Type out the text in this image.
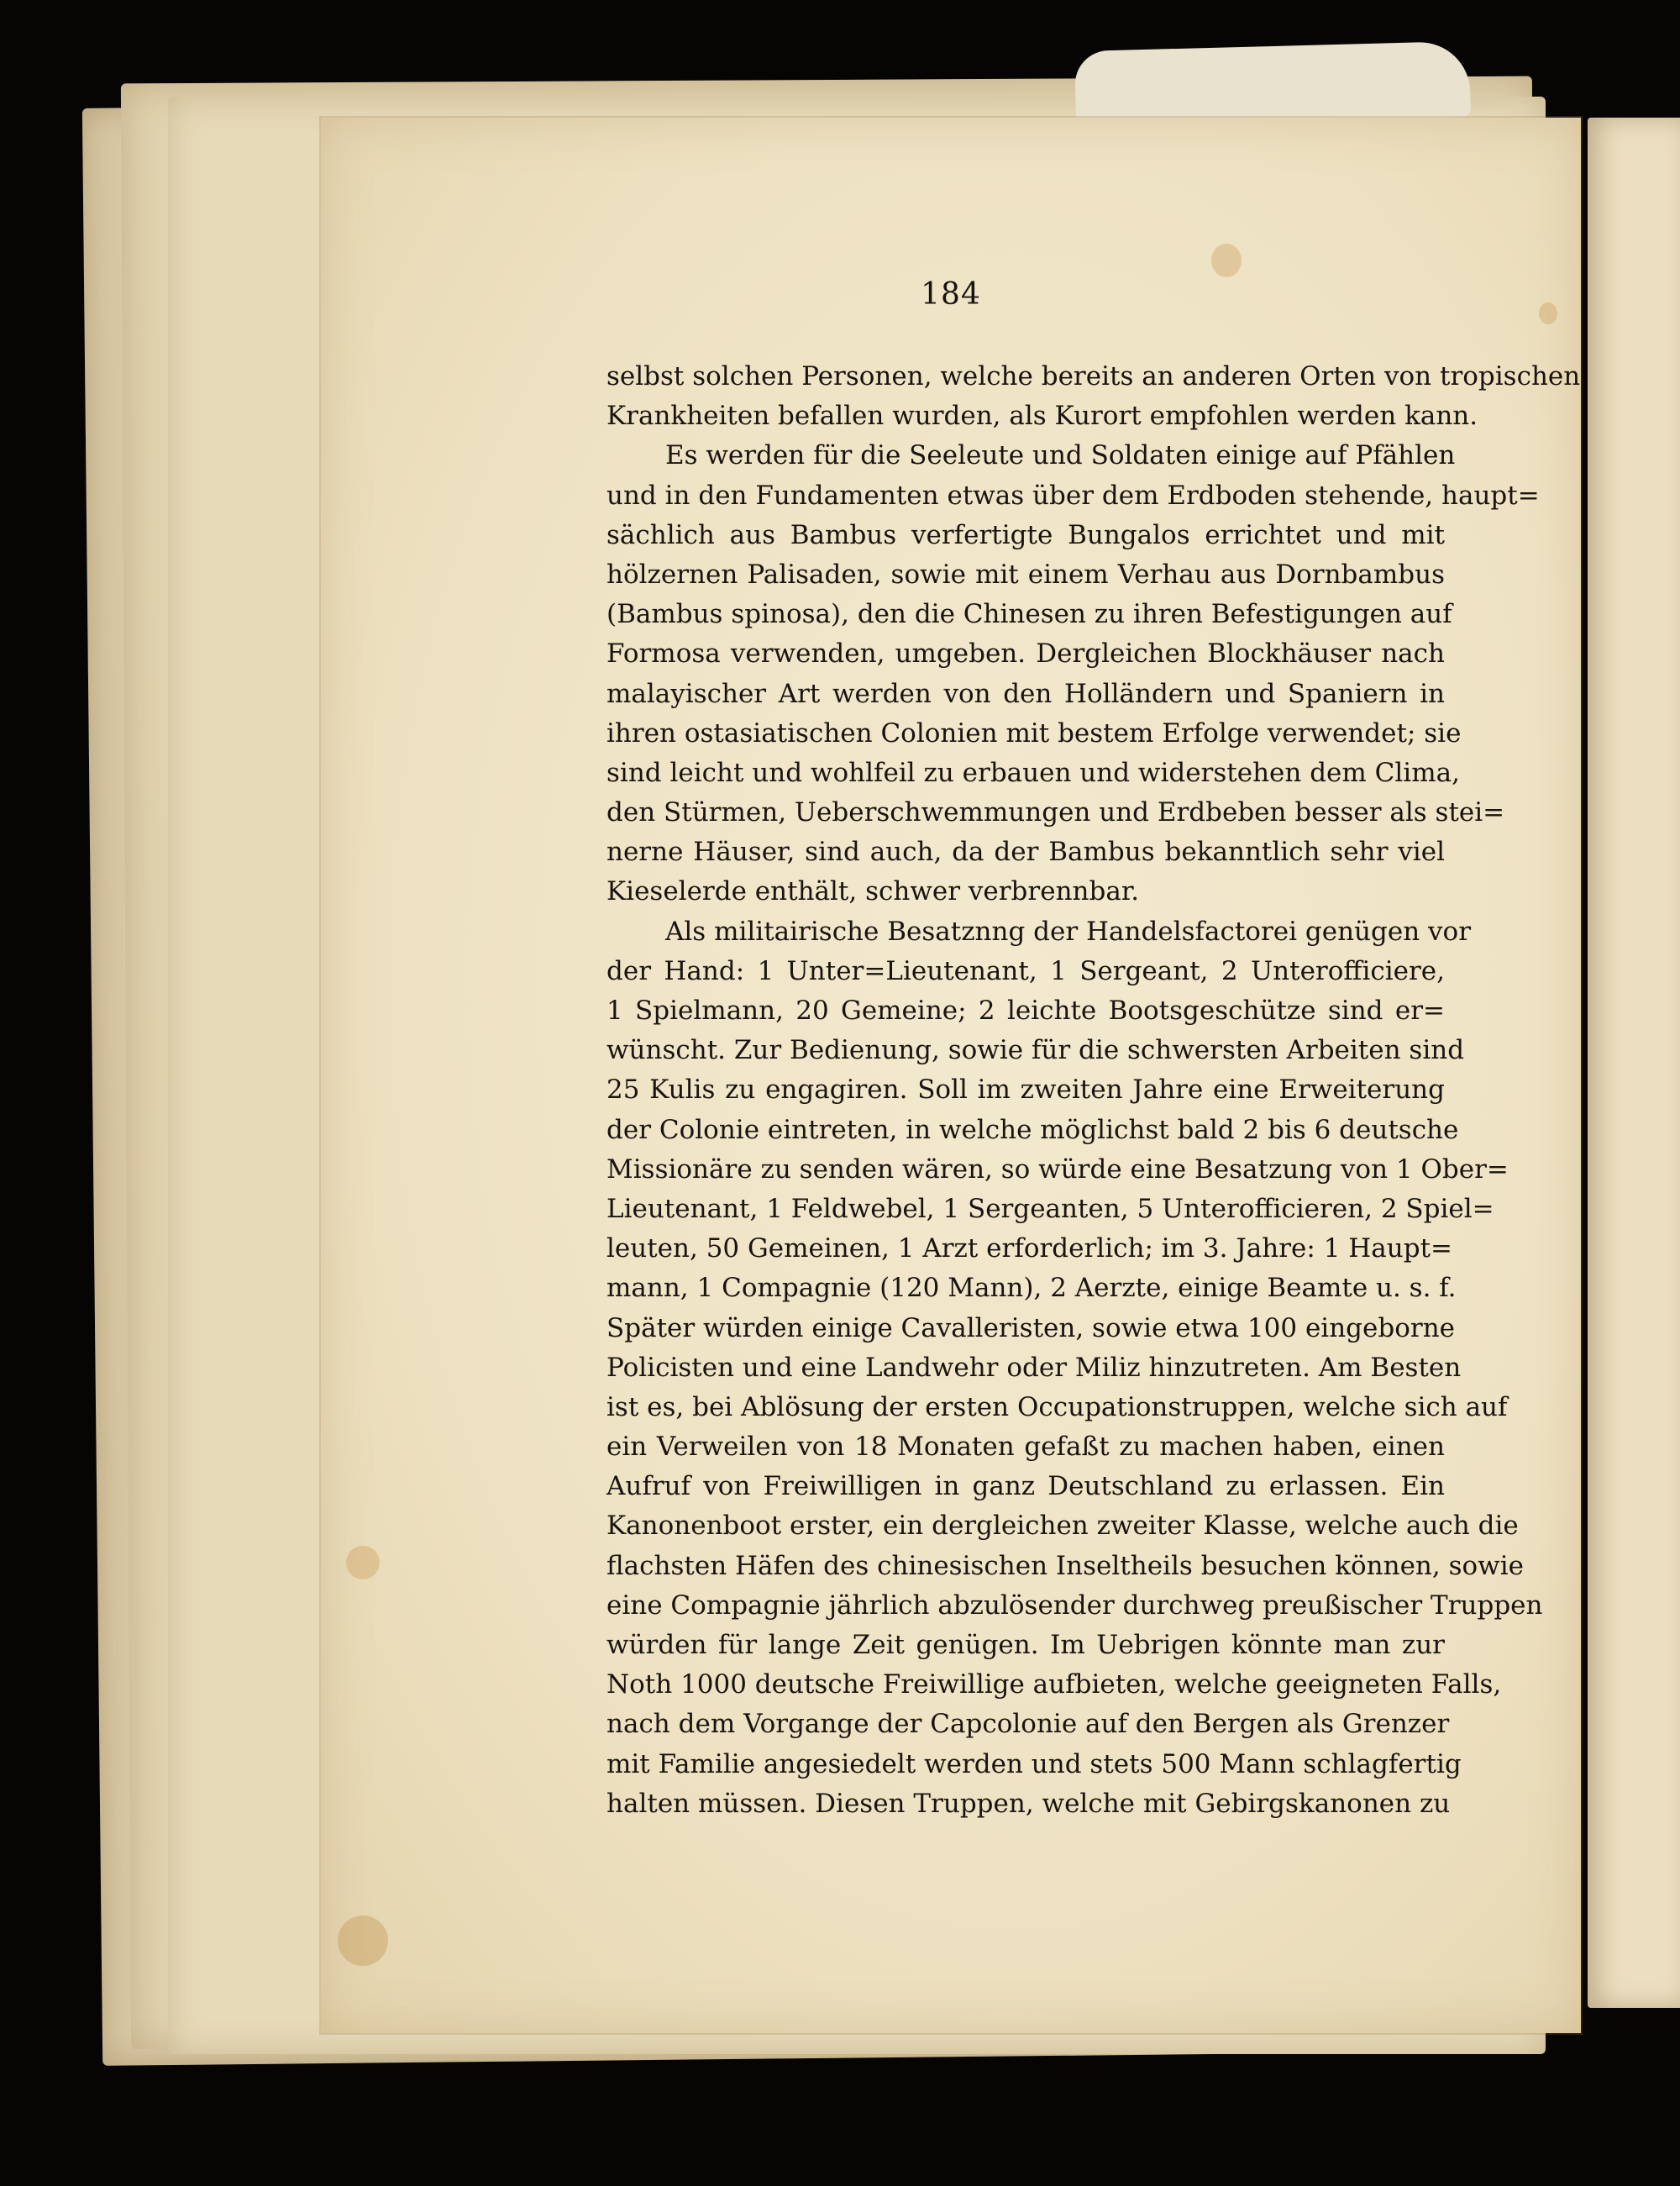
184
selbst solchen Personen, welche bereits an anderen Orten von tropischen
Krankheiten befallen wurden, als Kurort empfohlen werden kann.
Es werden für die Seeleute und Soldaten einige auf Pfählen
und in den Fundamenten etwas über dem Erdboden stehende, haupt=
sächlich aus Bambus verfertigte Bungalos errichtet und mit
hölzernen Palisaden, sowie mit einem Verhau aus Dornbambus
(Bambus spinosa), den die Chinesen zu ihren Befestigungen auf
Formosa verwenden, umgeben. Dergleichen Blockhäuser nach
malayischer Art werden von den Holländern und Spaniern in
ihren ostasiatischen Colonien mit bestem Erfolge verwendet; sie
sind leicht und wohlfeil zu erbauen und widerstehen dem Clima,
den Stürmen, Ueberschwemmungen und Erdbeben besser als stei=
nerne Häuser, sind auch, da der Bambus bekanntlich sehr viel
Kieselerde enthält, schwer verbrennbar.
Als militairische Besatznng der Handelsfactorei genügen vor
der Hand: 1 Unter=Lieutenant, 1 Sergeant, 2 Unterofficiere,
1 Spielmann, 20 Gemeine; 2 leichte Bootsgeschütze sind er=
wünscht. Zur Bedienung, sowie für die schwersten Arbeiten sind
25 Kulis zu engagiren. Soll im zweiten Jahre eine Erweiterung
der Colonie eintreten, in welche möglichst bald 2 bis 6 deutsche
Missionäre zu senden wären, so würde eine Besatzung von 1 Ober=
Lieutenant, 1 Feldwebel, 1 Sergeanten, 5 Unterofficieren, 2 Spiel=
leuten, 50 Gemeinen, 1 Arzt erforderlich; im 3. Jahre: 1 Haupt=
mann, 1 Compagnie (120 Mann), 2 Aerzte, einige Beamte u. s. f.
Später würden einige Cavalleristen, sowie etwa 100 eingeborne
Policisten und eine Landwehr oder Miliz hinzutreten. Am Besten
ist es, bei Ablösung der ersten Occupationstruppen, welche sich auf
ein Verweilen von 18 Monaten gefaßt zu machen haben, einen
Aufruf von Freiwilligen in ganz Deutschland zu erlassen. Ein
Kanonenboot erster, ein dergleichen zweiter Klasse, welche auch die
flachsten Häfen des chinesischen Inseltheils besuchen können, sowie
eine Compagnie jährlich abzulösender durchweg preußischer Truppen
würden für lange Zeit genügen. Im Uebrigen könnte man zur
Noth 1000 deutsche Freiwillige aufbieten, welche geeigneten Falls,
nach dem Vorgange der Capcolonie auf den Bergen als Grenzer
mit Familie angesiedelt werden und stets 500 Mann schlagfertig
halten müssen. Diesen Truppen, welche mit Gebirgskanonen zu
